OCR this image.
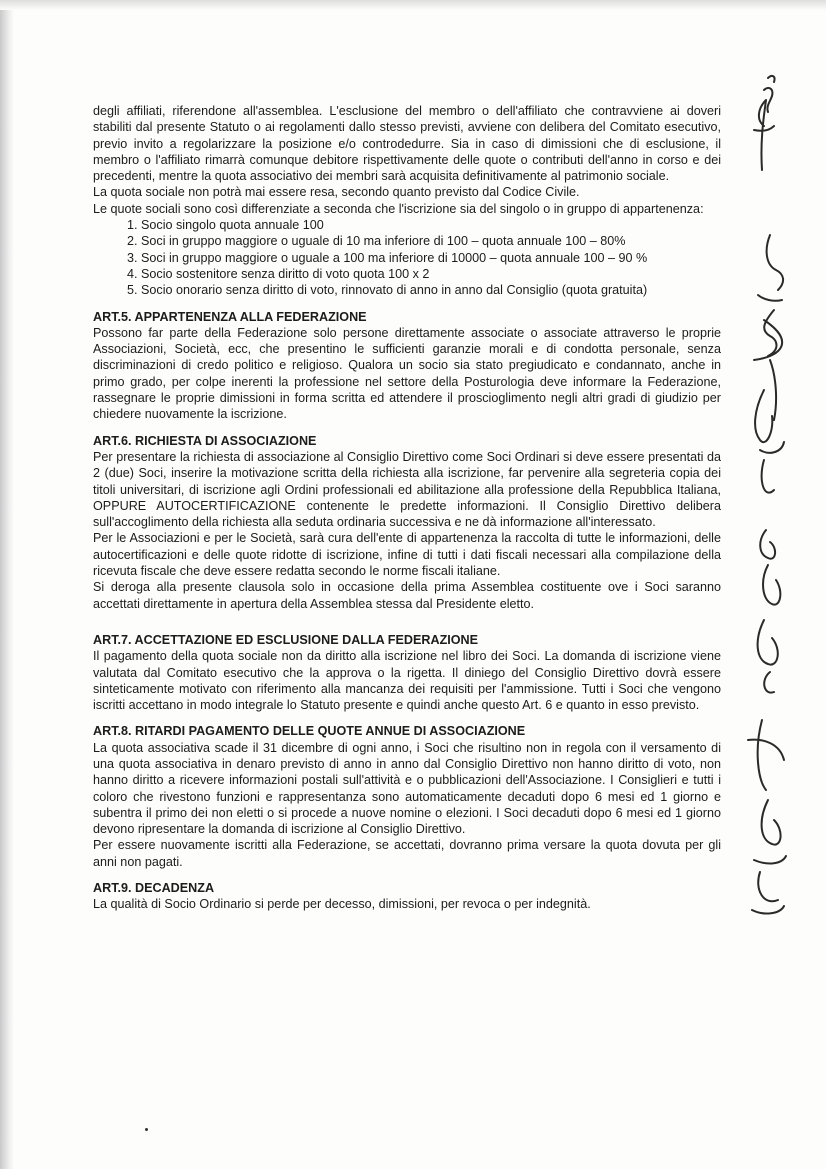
degli affiliati, riferendone all'assemblea. L'esclusione del membro o dell'affiliato che contravviene ai doveri stabiliti dal presente Statuto o ai regolamenti dallo stesso previsti, avviene con delibera del Comitato esecutivo, previo invito a regolarizzare la posizione e/o controdedurre. Sia in caso di dimissioni che di esclusione, il membro o l'affiliato rimarrà comunque debitore rispettivamente delle quote o contributi dell'anno in corso e dei precedenti, mentre la quota associativo dei membri sarà acquisita definitivamente al patrimonio sociale.

La quota sociale non potrà mai essere resa, secondo quanto previsto dal Codice Civile.

Le quote sociali sono così differenziate a seconda che l'iscrizione sia del singolo o in gruppo di appartenenza:

1. Socio singolo quota annuale 100
2. Soci in gruppo maggiore o uguale di 10 ma inferiore di 100 – quota annuale 100 – 80%
3. Soci in gruppo maggiore o uguale a 100 ma inferiore di 10000 – quota annuale 100 – 90 %
4. Socio sostenitore senza diritto di voto quota 100 x 2
5. Socio onorario senza diritto di voto, rinnovato di anno in anno dal Consiglio (quota gratuita)
ART.5. APPARTENENZA ALLA FEDERAZIONE

Possono far parte della Federazione solo persone direttamente associate o associate attraverso le proprie Associazioni, Società, ecc, che presentino le sufficienti garanzie morali e di condotta personale, senza discriminazioni di credo politico e religioso. Qualora un socio sia stato pregiudicato e condannato, anche in primo grado, per colpe inerenti la professione nel settore della Posturologia deve informare la Federazione, rassegnare le proprie dimissioni in forma scritta ed attendere il proscioglimento negli altri gradi di giudizio per chiedere nuovamente la iscrizione.

ART.6. RICHIESTA DI ASSOCIAZIONE

Per presentare la richiesta di associazione al Consiglio Direttivo come Soci Ordinari si deve essere presentati da 2 (due) Soci, inserire la motivazione scritta della richiesta alla iscrizione, far pervenire alla segreteria copia dei titoli universitari, di iscrizione agli Ordini professionali ed abilitazione alla professione della Repubblica Italiana, OPPURE AUTOCERTIFICAZIONE contenente le predette informazioni. Il Consiglio Direttivo delibera sull'accoglimento della richiesta alla seduta ordinaria successiva e ne dà informazione all'interessato.

Per le Associazioni e per le Società, sarà cura dell'ente di appartenenza la raccolta di tutte le informazioni, delle autocertificazioni e delle quote ridotte di iscrizione, infine di tutti i dati fiscali necessari alla compilazione della ricevuta fiscale che deve essere redatta secondo le norme fiscali italiane.

Si deroga alla presente clausola solo in occasione della prima Assemblea costituente ove i Soci saranno accettati direttamente in apertura della Assemblea stessa dal Presidente eletto.

ART.7. ACCETTAZIONE ED ESCLUSIONE DALLA FEDERAZIONE

Il pagamento della quota sociale non da diritto alla iscrizione nel libro dei Soci. La domanda di iscrizione viene valutata dal Comitato esecutivo che la approva o la rigetta. Il diniego del Consiglio Direttivo dovrà essere sinteticamente motivato con riferimento alla mancanza dei requisiti per l'ammissione. Tutti i Soci che vengono iscritti accettano in modo integrale lo Statuto presente e quindi anche questo Art. 6 e quanto in esso previsto.

ART.8. RITARDI PAGAMENTO DELLE QUOTE ANNUE DI ASSOCIAZIONE

La quota associativa scade il 31 dicembre di ogni anno, i Soci che risultino non in regola con il versamento di una quota associativa in denaro previsto di anno in anno dal Consiglio Direttivo non hanno diritto di voto, non hanno diritto a ricevere informazioni postali sull'attività e o pubblicazioni dell'Associazione. I Consiglieri e tutti i coloro che rivestono funzioni e rappresentanza sono automaticamente decaduti dopo 6 mesi ed 1 giorno e subentra il primo dei non eletti o si procede a nuove nomine o elezioni. I Soci decaduti dopo 6 mesi ed 1 giorno devono ripresentare la domanda di iscrizione al Consiglio Direttivo.

Per essere nuovamente iscritti alla Federazione, se accettati, dovranno prima versare la quota dovuta per gli anni non pagati.

ART.9. DECADENZA

La qualità di Socio Ordinario si perde per decesso, dimissioni, per revoca o per indegnità.
